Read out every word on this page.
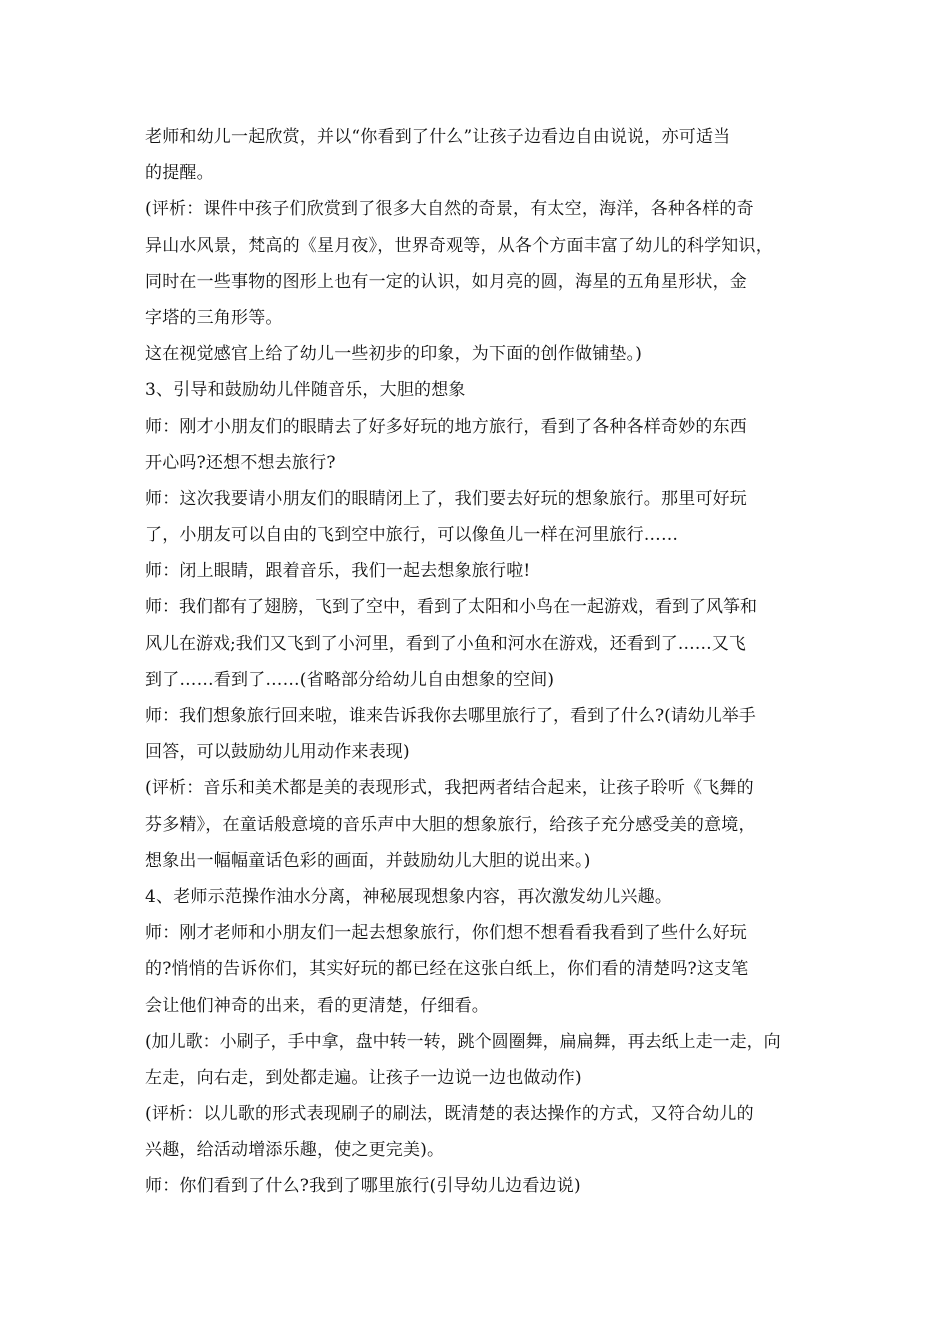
老师和幼儿一起欣赏，并以“你看到了什么”让孩子边看边自由说说，亦可适当
的提醒。
(评析：课件中孩子们欣赏到了很多大自然的奇景，有太空，海洋，各种各样的奇
异山水风景，梵高的《星月夜》，世界奇观等，从各个方面丰富了幼儿的科学知识，
同时在一些事物的图形上也有一定的认识，如月亮的圆，海星的五角星形状，金
字塔的三角形等。
这在视觉感官上给了幼儿一些初步的印象，为下面的创作做铺垫。)
3、引导和鼓励幼儿伴随音乐，大胆的想象
师：刚才小朋友们的眼睛去了好多好玩的地方旅行，看到了各种各样奇妙的东西
开心吗?还想不想去旅行?
师：这次我要请小朋友们的眼睛闭上了，我们要去好玩的想象旅行。那里可好玩
了，小朋友可以自由的飞到空中旅行，可以像鱼儿一样在河里旅行……
师：闭上眼睛，跟着音乐，我们一起去想象旅行啦!
师：我们都有了翅膀，飞到了空中，看到了太阳和小鸟在一起游戏，看到了风筝和
风儿在游戏;我们又飞到了小河里，看到了小鱼和河水在游戏，还看到了……又飞
到了……看到了……(省略部分给幼儿自由想象的空间)
师：我们想象旅行回来啦，谁来告诉我你去哪里旅行了，看到了什么?(请幼儿举手
回答，可以鼓励幼儿用动作来表现)
(评析：音乐和美术都是美的表现形式，我把两者结合起来，让孩子聆听《飞舞的
芬多精》，在童话般意境的音乐声中大胆的想象旅行，给孩子充分感受美的意境，
想象出一幅幅童话色彩的画面，并鼓励幼儿大胆的说出来。)
4、老师示范操作油水分离，神秘展现想象内容，再次激发幼儿兴趣。
师：刚才老师和小朋友们一起去想象旅行，你们想不想看看我看到了些什么好玩
的?悄悄的告诉你们，其实好玩的都已经在这张白纸上，你们看的清楚吗?这支笔
会让他们神奇的出来，看的更清楚，仔细看。
(加儿歌：小刷子，手中拿，盘中转一转，跳个圆圈舞，扁扁舞，再去纸上走一走，向
左走，向右走，到处都走遍。让孩子一边说一边也做动作)
(评析：以儿歌的形式表现刷子的刷法，既清楚的表达操作的方式，又符合幼儿的
兴趣，给活动增添乐趣，使之更完美)。
师：你们看到了什么?我到了哪里旅行(引导幼儿边看边说)
